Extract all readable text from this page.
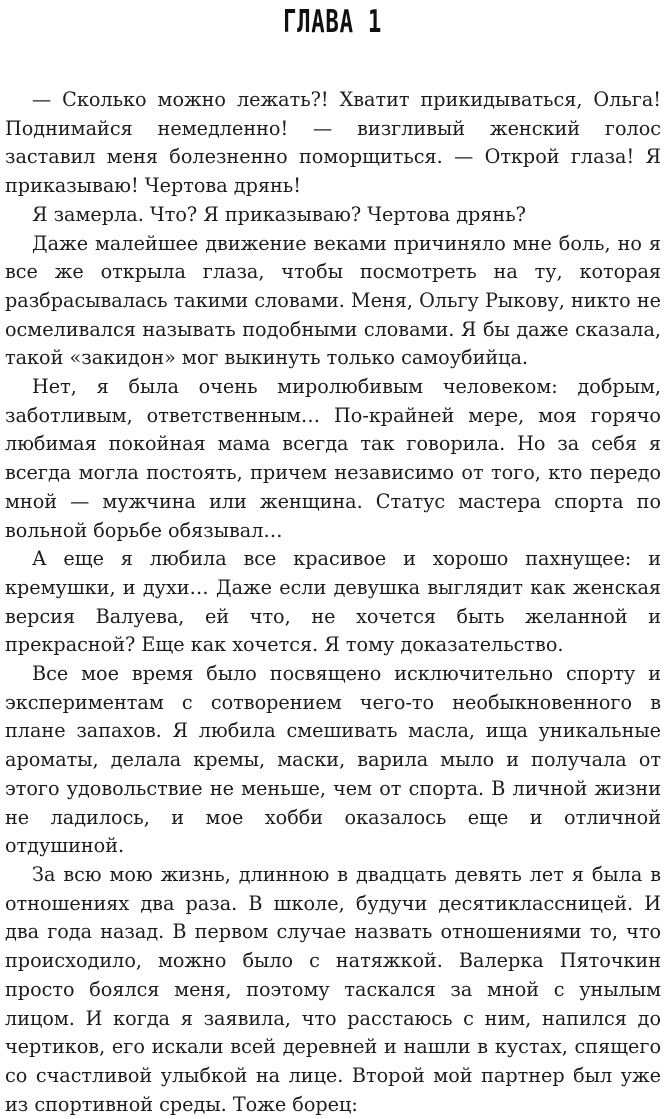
ГЛАВА 1

— Сколько можно лежать?! Хватит прикидываться, Ольга! Поднимайся немедленно! — визгливый женский голос заставил меня болезненно поморщиться. — Открой глаза! Я приказываю! Чертова дрянь!

Я замерла. Что? Я приказываю? Чертова дрянь?

Даже малейшее движение веками причиняло мне боль, но я все же открыла глаза, чтобы посмотреть на ту, которая разбрасывалась такими словами. Меня, Ольгу Рыкову, никто не осмеливался называть подобными словами. Я бы даже сказала, такой «закидон» мог выкинуть только самоубийца.

Нет, я была очень миролюбивым человеком: добрым, заботливым, ответственным… По-крайней мере, моя горячо любимая покойная мама всегда так говорила. Но за себя я всегда могла постоять, причем независимо от того, кто передо мной — мужчина или женщина. Статус мастера спорта по вольной борьбе обязывал…

А еще я любила все красивое и хорошо пахнущее: и кремушки, и духи… Даже если девушка выглядит как женская версия Валуева, ей что, не хочется быть желанной и прекрасной? Еще как хочется. Я тому доказательство.

Все мое время было посвящено исключительно спорту и экспериментам с сотворением чего-то необыкновенного в плане запахов. Я любила смешивать масла, ища уникальные ароматы, делала кремы, маски, варила мыло и получала от этого удовольствие не меньше, чем от спорта. В личной жизни не ладилось, и мое хобби оказалось еще и отличной отдушиной.

За всю мою жизнь, длинною в двадцать девять лет я была в отношениях два раза. В школе, будучи десятиклассницей. И два года назад. В первом случае назвать отношениями то, что происходило, можно было с натяжкой. Валерка Пяточкин просто боялся меня, поэтому таскался за мной с унылым лицом. И когда я заявила, что расстаюсь с ним, напился до чертиков, его искали всей деревней и нашли в кустах, спящего со счастливой улыбкой на лице. Второй мой партнер был уже из спортивной среды. Тоже борец:
